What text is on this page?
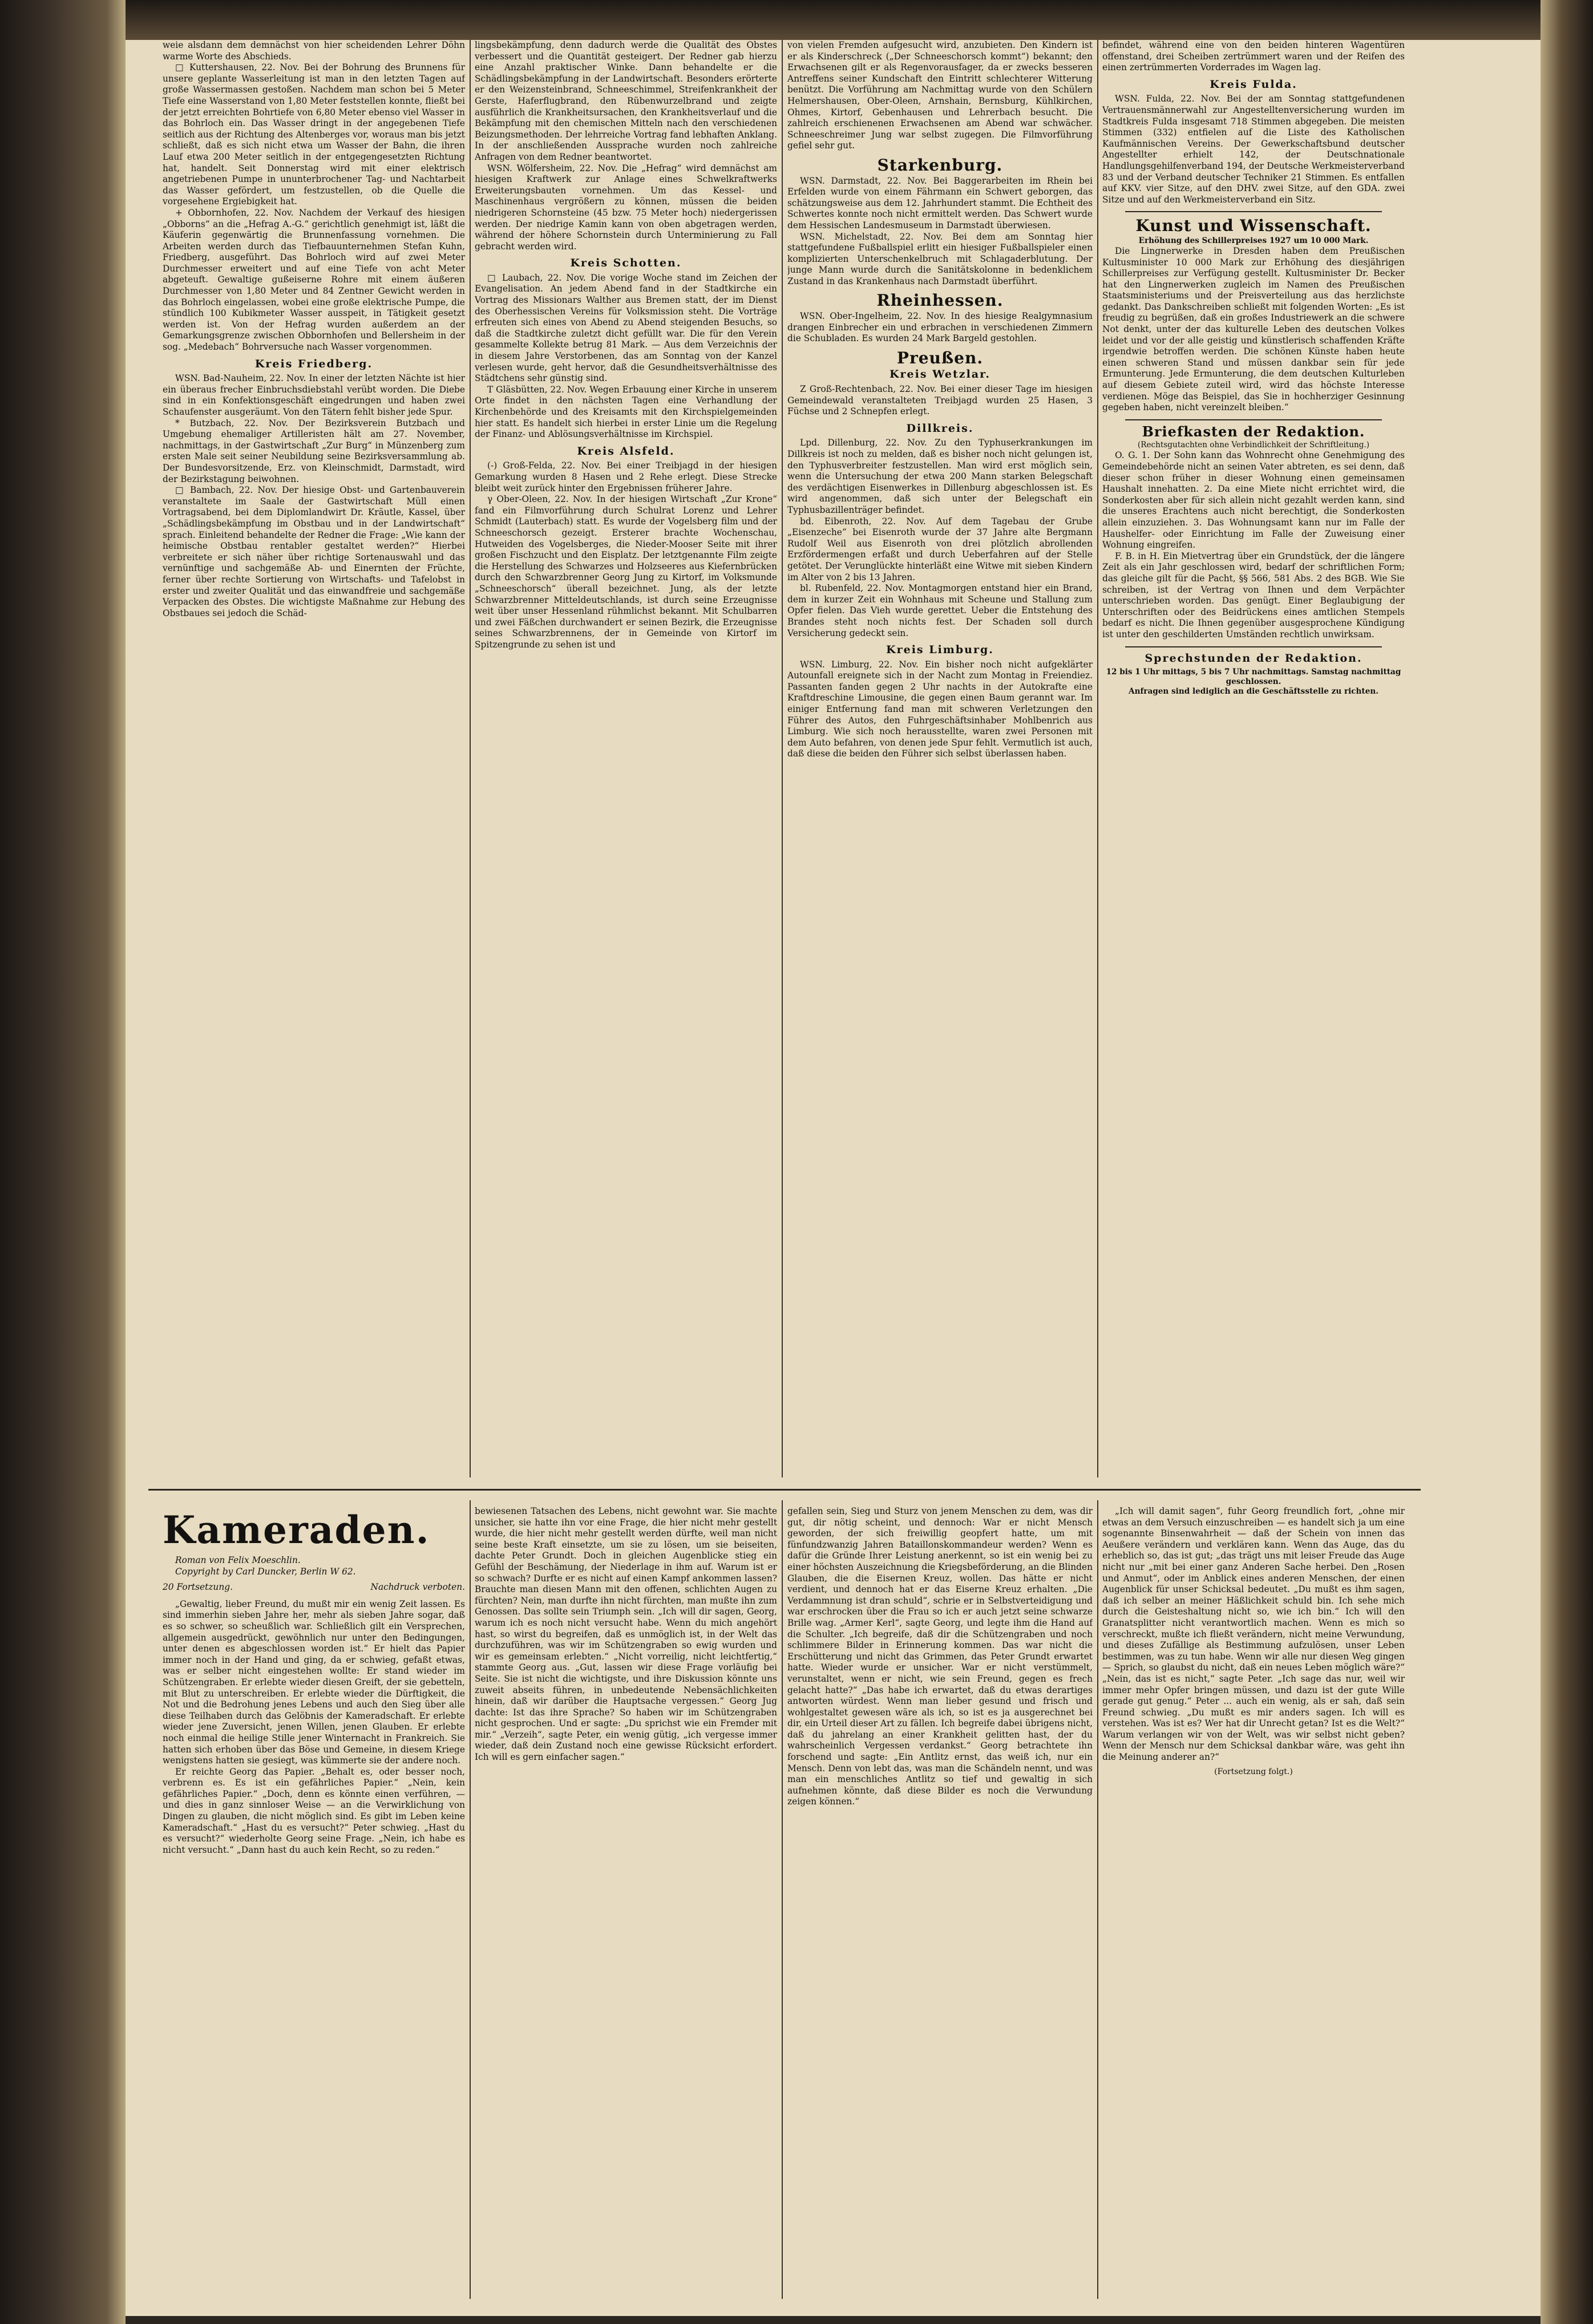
weie alsdann dem demnächst von hier scheidenden Lehrer Döhn warme Worte des Abschieds.

□ Kuttershausen, 22. Nov. Bei der Bohrung des Brunnens für unsere geplante Wasserleitung ist man in den letzten Tagen auf große Wassermassen gestoßen. Nachdem man schon bei 5 Meter Tiefe eine Wasserstand von 1,80 Meter feststellen konnte, fließt bei der jetzt erreichten Bohrtiefe von 6,80 Meter ebenso viel Wasser in das Bohrloch ein. Das Wasser dringt in der angegebenen Tiefe seitlich aus der Richtung des Altenberges vor, woraus man bis jetzt schließt, daß es sich nicht etwa um Wasser der Bahn, die ihren Lauf etwa 200 Meter seitlich in der entgegengesetzten Richtung hat, handelt. Seit Donnerstag wird mit einer elektrisch angetriebenen Pumpe in ununterbrochener Tag- und Nachtarbeit das Wasser gefördert, um festzustellen, ob die Quelle die vorgesehene Ergiebigkeit hat.

+ Obbornhofen, 22. Nov. Nachdem der Verkauf des hiesigen „Obborns“ an die „Hefrag A.-G.“ gerichtlich genehmigt ist, läßt die Käuferin gegenwärtig die Brunnenfassung vornehmen. Die Arbeiten werden durch das Tiefbauunternehmen Stefan Kuhn, Friedberg, ausgeführt. Das Bohrloch wird auf zwei Meter Durchmesser erweitert und auf eine Tiefe von acht Meter abgeteuft. Gewaltige gußeiserne Rohre mit einem äußeren Durchmesser von 1,80 Meter und 84 Zentner Gewicht werden in das Bohrloch eingelassen, wobei eine große elektrische Pumpe, die stündlich 100 Kubikmeter Wasser ausspeit, in Tätigkeit gesetzt werden ist. Von der Hefrag wurden außerdem an der Gemarkungsgrenze zwischen Obbornhofen und Bellersheim in der sog. „Medebach“ Bohrversuche nach Wasser vorgenommen.

Kreis Friedberg.

WSN. Bad-Nauheim, 22. Nov. In einer der letzten Nächte ist hier ein überaus frecher Einbruchsdiebstahl verübt worden. Die Diebe sind in ein Konfektionsgeschäft eingedrungen und haben zwei Schaufenster ausgeräumt. Von den Tätern fehlt bisher jede Spur.

* Butzbach, 22. Nov. Der Bezirksverein Butzbach und Umgebung ehemaliger Artilleristen hält am 27. November, nachmittags, in der Gastwirtschaft „Zur Burg“ in Münzenberg zum ersten Male seit seiner Neubildung seine Bezirksversammlung ab. Der Bundesvorsitzende, Erz. von Kleinschmidt, Darmstadt, wird der Bezirkstagung beiwohnen.

□ Bambach, 22. Nov. Der hiesige Obst- und Gartenbauverein veranstaltete im Saale der Gastwirtschaft Müll einen Vortragsabend, bei dem Diplomlandwirt Dr. Kräutle, Kassel, über „Schädlingsbekämpfung im Obstbau und in der Landwirtschaft“ sprach. Einleitend behandelte der Redner die Frage: „Wie kann der heimische Obstbau rentabler gestaltet werden?“ Hierbei verbreitete er sich näher über richtige Sortenauswahl und das vernünftige und sachgemäße Ab- und Einernten der Früchte, ferner über rechte Sortierung von Wirtschafts- und Tafelobst in erster und zweiter Qualität und das einwandfreie und sachgemäße Verpacken des Obstes. Die wichtigste Maßnahme zur Hebung des Obstbaues sei jedoch die Schäd-

lingsbekämpfung, denn dadurch werde die Qualität des Obstes verbessert und die Quantität gesteigert. Der Redner gab hierzu eine Anzahl praktischer Winke. Dann behandelte er die Schädlingsbekämpfung in der Landwirtschaft. Besonders erörterte er den Weizensteinbrand, Schneeschimmel, Streifenkrankheit der Gerste, Haferflugbrand, den Rübenwurzelbrand und zeigte ausführlich die Krankheitsursachen, den Krankheitsverlauf und die Bekämpfung mit den chemischen Mitteln nach den verschiedenen Beizungsmethoden. Der lehrreiche Vortrag fand lebhaften Anklang. In der anschließenden Aussprache wurden noch zahlreiche Anfragen von dem Redner beantwortet.

WSN. Wölfersheim, 22. Nov. Die „Hefrag“ wird demnächst am hiesigen Kraftwerk zur Anlage eines Schwelkraftwerks Erweiterungsbauten vornehmen. Um das Kessel- und Maschinenhaus vergrößern zu können, müssen die beiden niedrigeren Schornsteine (45 bzw. 75 Meter hoch) niedergerissen werden. Der niedrige Kamin kann von oben abgetragen werden, während der höhere Schornstein durch Unterminierung zu Fall gebracht werden wird.

Kreis Schotten.

□ Laubach, 22. Nov. Die vorige Woche stand im Zeichen der Evangelisation. An jedem Abend fand in der Stadtkirche ein Vortrag des Missionars Walther aus Bremen statt, der im Dienst des Oberhessischen Vereins für Volksmission steht. Die Vorträge erfreuten sich eines von Abend zu Abend steigenden Besuchs, so daß die Stadtkirche zuletzt dicht gefüllt war. Die für den Verein gesammelte Kollekte betrug 81 Mark. — Aus dem Verzeichnis der in diesem Jahre Verstorbenen, das am Sonntag von der Kanzel verlesen wurde, geht hervor, daß die Gesundheitsverhältnisse des Städtchens sehr günstig sind.

T Gläsbütten, 22. Nov. Wegen Erbauung einer Kirche in unserem Orte findet in den nächsten Tagen eine Verhandlung der Kirchenbehörde und des Kreisamts mit den Kirchspielgemeinden hier statt. Es handelt sich hierbei in erster Linie um die Regelung der Finanz- und Ablösungsverhältnisse im Kirchspiel.

Kreis Alsfeld.

(-) Groß-Felda, 22. Nov. Bei einer Treibjagd in der hiesigen Gemarkung wurden 8 Hasen und 2 Rehe erlegt. Diese Strecke bleibt weit zurück hinter den Ergebnissen früherer Jahre.

γ Ober-Oleen, 22. Nov. In der hiesigen Wirtschaft „Zur Krone“ fand ein Filmvorführung durch Schulrat Lorenz und Lehrer Schmidt (Lauterbach) statt. Es wurde der Vogelsberg film und der Schneeschorsch gezeigt. Ersterer brachte Wochenschau, Hutweiden des Vogelsberges, die Nieder-Mooser Seite mit ihrer großen Fischzucht und den Eisplatz. Der letztgenannte Film zeigte die Herstellung des Schwarzes und Holzseeres aus Kiefernbrücken durch den Schwarzbrenner Georg Jung zu Kirtorf, im Volksmunde „Schneeschorsch“ überall bezeichnet. Jung, als der letzte Schwarzbrenner Mitteldeutschlands, ist durch seine Erzeugnisse weit über unser Hessenland rühmlichst bekannt. Mit Schulbarren und zwei Fäßchen durchwandert er seinen Bezirk, die Erzeugnisse seines Schwarzbrennens, der in Gemeinde von Kirtorf im Spitzengrunde zu sehen ist und

von vielen Fremden aufgesucht wird, anzubieten. Den Kindern ist er als Kinderschreck („Der Schneeschorsch kommt“) bekannt; den Erwachsenen gilt er als Regenvorausfager, da er zwecks besseren Antreffens seiner Kundschaft den Eintritt schlechterer Witterung benützt. Die Vorführung am Nachmittag wurde von den Schülern Helmershausen, Ober-Oleen, Arnshain, Bernsburg, Kühlkirchen, Ohmes, Kirtorf, Gebenhausen und Lehrerbach besucht. Die zahlreich erschienenen Erwachsenen am Abend war schwächer. Schneeschreimer Jung war selbst zugegen. Die Filmvorführung gefiel sehr gut.

Starkenburg.

WSN. Darmstadt, 22. Nov. Bei Baggerarbeiten im Rhein bei Erfelden wurde von einem Fährmann ein Schwert geborgen, das schätzungsweise aus dem 12. Jahrhundert stammt. Die Echtheit des Schwertes konnte noch nicht ermittelt werden. Das Schwert wurde dem Hessischen Landesmuseum in Darmstadt überwiesen.

WSN. Michelstadt, 22. Nov. Bei dem am Sonntag hier stattgefundene Fußballspiel erlitt ein hiesiger Fußballspieler einen komplizierten Unterschenkelbruch mit Schlagaderblutung. Der junge Mann wurde durch die Sanitätskolonne in bedenklichem Zustand in das Krankenhaus nach Darmstadt überführt.

Rheinhessen.

WSN. Ober-Ingelheim, 22. Nov. In des hiesige Realgymnasium drangen Einbrecher ein und erbrachen in verschiedenen Zimmern die Schubladen. Es wurden 24 Mark Bargeld gestohlen.

Preußen.
Kreis Wetzlar.

Z Groß-Rechtenbach, 22. Nov. Bei einer dieser Tage im hiesigen Gemeindewald veranstalteten Treibjagd wurden 25 Hasen, 3 Füchse und 2 Schnepfen erlegt.

Dillkreis.

Lpd. Dillenburg, 22. Nov. Zu den Typhuserkrankungen im Dillkreis ist noch zu melden, daß es bisher noch nicht gelungen ist, den Typhusverbreiter festzustellen. Man wird erst möglich sein, wenn die Untersuchung der etwa 200 Mann starken Belegschaft des verdächtigen Eisenwerkes in Dillenburg abgeschlossen ist. Es wird angenommen, daß sich unter der Belegschaft ein Typhusbazillenträger befindet.

bd. Eibenroth, 22. Nov. Auf dem Tagebau der Grube „Eisenzeche“ bei Eisenroth wurde der 37 Jahre alte Bergmann Rudolf Weil aus Eisenroth von drei plötzlich abrollenden Erzfördermengen erfaßt und durch Ueberfahren auf der Stelle getötet. Der Verunglückte hinterläßt eine Witwe mit sieben Kindern im Alter von 2 bis 13 Jahren.

bl. Rubenfeld, 22. Nov. Montagmorgen entstand hier ein Brand, dem in kurzer Zeit ein Wohnhaus mit Scheune und Stallung zum Opfer fielen. Das Vieh wurde gerettet. Ueber die Entstehung des Brandes steht noch nichts fest. Der Schaden soll durch Versicherung gedeckt sein.

Kreis Limburg.

WSN. Limburg, 22. Nov. Ein bisher noch nicht aufgeklärter Autounfall ereignete sich in der Nacht zum Montag in Freiendiez. Passanten fanden gegen 2 Uhr nachts in der Autokrafte eine Kraftdreschine Limousine, die gegen einen Baum gerannt war. Im einiger Entfernung fand man mit schweren Verletzungen den Führer des Autos, den Fuhrgeschäftsinhaber Mohlbenrich aus Limburg. Wie sich noch herausstellte, waren zwei Personen mit dem Auto befahren, von denen jede Spur fehlt. Vermutlich ist auch, daß diese die beiden den Führer sich selbst überlassen haben.

befindet, während eine von den beiden hinteren Wagentüren offenstand, drei Scheiben zertrümmert waren und der Reifen des einen zertrümmerten Vorderrades im Wagen lag.

Kreis Fulda.

WSN. Fulda, 22. Nov. Bei der am Sonntag stattgefundenen Vertrauensmännerwahl zur Angestelltenversicherung wurden im Stadtkreis Fulda insgesamt 718 Stimmen abgegeben. Die meisten Stimmen (332) entfielen auf die Liste des Katholischen Kaufmännischen Vereins. Der Gewerkschaftsbund deutscher Angestellter erhielt 142, der Deutschnationale Handlungsgehilfenverband 194, der Deutsche Werkmeisterverband 83 und der Verband deutscher Techniker 21 Stimmen. Es entfallen auf KKV. vier Sitze, auf den DHV. zwei Sitze, auf den GDA. zwei Sitze und auf den Werkmeisterverband ein Sitz.

Kunst und Wissenschaft.
Erhöhung des Schillerpreises 1927 um 10 000 Mark.

Die Lingnerwerke in Dresden haben dem Preußischen Kultusminister 10 000 Mark zur Erhöhung des diesjährigen Schillerpreises zur Verfügung gestellt. Kultusminister Dr. Becker hat den Lingnerwerken zugleich im Namen des Preußischen Staatsministeriums und der Preisverteilung aus das herzlichste gedankt. Das Dankschreiben schließt mit folgenden Worten: „Es ist freudig zu begrüßen, daß ein großes Industriewerk an die schwere Not denkt, unter der das kulturelle Leben des deutschen Volkes leidet und vor der alle geistig und künstlerisch schaffenden Kräfte irgendwie betroffen werden. Die schönen Künste haben heute einen schweren Stand und müssen dankbar sein für jede Ermunterung. Jede Ermunterung, die dem deutschen Kulturleben auf diesem Gebiete zuteil wird, wird das höchste Interesse verdienen. Möge das Beispiel, das Sie in hochherziger Gesinnung gegeben haben, nicht vereinzelt bleiben.“

Briefkasten der Redaktion.
(Rechtsgutachten ohne Verbindlichkeit der Schriftleitung.)

O. G. 1. Der Sohn kann das Wohnrecht ohne Genehmigung des Gemeindebehörde nicht an seinen Vater abtreten, es sei denn, daß dieser schon früher in dieser Wohnung einen gemeinsamen Haushalt innehatten. 2. Da eine Miete nicht errichtet wird, die Sonderkosten aber für sich allein nicht gezahlt werden kann, sind die unseres Erachtens auch nicht berechtigt, die Sonderkosten allein einzuziehen. 3. Das Wohnungsamt kann nur im Falle der Haushelfer- oder Einrichtung im Falle der Zuweisung einer Wohnung eingreifen.

F. B. in H. Ein Mietvertrag über ein Grundstück, der die längere Zeit als ein Jahr geschlossen wird, bedarf der schriftlichen Form; das gleiche gilt für die Pacht, §§ 566, 581 Abs. 2 des BGB. Wie Sie schreiben, ist der Vertrag von Ihnen und dem Verpächter unterschrieben worden. Das genügt. Einer Beglaubigung der Unterschriften oder des Beidrückens eines amtlichen Stempels bedarf es nicht. Die Ihnen gegenüber ausgesprochene Kündigung ist unter den geschilderten Umständen rechtlich unwirksam.

Sprechstunden der Redaktion.
12 bis 1 Uhr mittags, 5 bis 7 Uhr nachmittags. Samstag nachmittag geschlossen.
Anfragen sind lediglich an die Geschäftsstelle zu richten.
Kameraden.

Roman von Felix Moeschlin.

Copyright by Carl Duncker, Berlin W 62.

20 Fortsetzung.	Nachdruck verboten.

„Gewaltig, lieber Freund, du mußt mir ein wenig Zeit lassen. Es sind immerhin sieben Jahre her, mehr als sieben Jahre sogar, daß es so schwer, so scheußlich war. Schließlich gilt ein Versprechen, allgemein ausgedrückt, gewöhnlich nur unter den Bedingungen, unter denen es abgeschlossen worden ist.“ Er hielt das Papier immer noch in der Hand und ging, da er schwieg, gefaßt etwas, was er selber nicht eingestehen wollte: Er stand wieder im Schützengraben. Er erlebte wieder diesen Greift, der sie gebetteln, mit Blut zu unterschreiben. Er erlebte wieder die Dürftigkeit, die Not und die Bedrohung jenes Lebens und auch den Sieg über alle diese Teilhaben durch das Gelöbnis der Kameradschaft. Er erlebte wieder jene Zuversicht, jenen Willen, jenen Glauben. Er erlebte noch einmal die heilige Stille jener Winternacht in Frankreich. Sie hatten sich erhoben über das Böse und Gemeine, in diesem Kriege wenigstens hatten sie gesiegt, was kümmerte sie der andere noch.

Er reichte Georg das Papier. „Behalt es, oder besser noch, verbrenn es. Es ist ein gefährliches Papier.“ „Nein, kein gefährliches Papier.“ „Doch, denn es könnte einen verführen, — und dies in ganz sinnloser Weise — an die Verwirklichung von Dingen zu glauben, die nicht möglich sind. Es gibt im Leben keine Kameradschaft.“ „Hast du es versucht?“ Peter schwieg. „Hast du es versucht?“ wiederholte Georg seine Frage. „Nein, ich habe es nicht versucht.“ „Dann hast du auch kein Recht, so zu reden.“

bewiesenen Tatsachen des Lebens, nicht gewohnt war. Sie machte unsicher, sie hatte ihn vor eine Frage, die hier nicht mehr gestellt wurde, die hier nicht mehr gestellt werden dürfte, weil man nicht seine beste Kraft einsetzte, um sie zu lösen, um sie beiseiten, dachte Peter Grundt. Doch in gleichen Augenblicke stieg ein Gefühl der Beschämung, der Niederlage in ihm auf. Warum ist er so schwach? Durfte er es nicht auf einen Kampf ankommen lassen? Brauchte man diesen Mann mit den offenen, schlichten Augen zu fürchten? Nein, man durfte ihn nicht fürchten, man mußte ihn zum Genossen. Das sollte sein Triumph sein. „Ich will dir sagen, Georg, warum ich es noch nicht versucht habe. Wenn du mich angehört hast, so wirst du begreifen, daß es unmöglich ist, in der Welt das durchzuführen, was wir im Schützengraben so ewig wurden und wir es gemeinsam erlebten.“ „Nicht vorreilig, nicht leichtfertig,“ stammte Georg aus. „Gut, lassen wir diese Frage vorläufig bei Seite. Sie ist nicht die wichtigste, und ihre Diskussion könnte uns zuweit abseits führen, in unbedeutende Nebensächlichkeiten hinein, daß wir darüber die Hauptsache vergessen.“ Georg Jug dachte: Ist das ihre Sprache? So haben wir im Schützengraben nicht gesprochen. Und er sagte: „Du sprichst wie ein Fremder mit mir.“ „Verzeih“, sagte Peter, ein wenig gütig, „ich vergesse immer wieder, daß dein Zustand noch eine gewisse Rücksicht erfordert. Ich will es gern einfacher sagen.“

gefallen sein, Sieg und Sturz von jenem Menschen zu dem, was dir gut, dir nötig scheint, und dennoch: War er nicht Mensch geworden, der sich freiwillig geopfert hatte, um mit fünfundzwanzig Jahren Bataillonskommandeur werden? Wenn es dafür die Gründe Ihrer Leistung anerkennt, so ist ein wenig bei zu einer höchsten Auszeichnung die Kriegsbeförderung, an die Blinden Glauben, die die Eisernen Kreuz, wollen. Das hätte er nicht verdient, und dennoch hat er das Eiserne Kreuz erhalten. „Die Verdammnung ist dran schuld“, schrie er in Selbstverteidigung und war erschrocken über die Frau so ich er auch jetzt seine schwarze Brille wag. „Armer Kerl“, sagte Georg, und legte ihm die Hand auf die Schulter. „Ich begreife, daß dir die Schützengraben und noch schlimmere Bilder in Erinnerung kommen. Das war nicht die Erschütterung und nicht das Grimmen, das Peter Grundt erwartet hatte. Wieder wurde er unsicher. War er nicht verstümmelt, verunstaltet, wenn er nicht, wie sein Freund, gegen es frech gelacht hatte?“ „Das habe ich erwartet, daß du etwas derartiges antworten würdest. Wenn man lieber gesund und frisch und wohlgestaltet gewesen wäre als ich, so ist es ja ausgerechnet bei dir, ein Urteil dieser Art zu fällen. Ich begreife dabei übrigens nicht, daß du jahrelang an einer Krankheit gelitten hast, der du wahrscheinlich Vergessen verdankst.“ Georg betrachtete ihn forschend und sagte: „Ein Antlitz ernst, das weiß ich, nur ein Mensch. Denn von lebt das, was man die Schändeln nennt, und was man ein menschliches Antlitz so tief und gewaltig in sich aufnehmen könnte, daß diese Bilder es noch die Verwundung zeigen können.“

„Ich will damit sagen“, fuhr Georg freundlich fort, „ohne mir etwas an dem Versuch einzuschreiben — es handelt sich ja um eine sogenannte Binsenwahrheit — daß der Schein von innen das Aeußere verändern und verklären kann. Wenn das Auge, das du erheblich so, das ist gut; „das trägt uns mit leiser Freude das Auge nicht nur „mit bei einer ganz Anderen Sache herbei. Den „Rosen und Anmut“, oder im Anblick eines anderen Menschen, der einen Augenblick für unser Schicksal bedeutet. „Du mußt es ihm sagen, daß ich selber an meiner Häßlichkeit schuld bin. Ich sehe mich durch die Geisteshaltung nicht so, wie ich bin.“ Ich will den Granatsplitter nicht verantwortlich machen. Wenn es mich so verschreckt, mußte ich fließt verändern, nicht meine Verwundung, und dieses Zufällige als Bestimmung aufzulösen, unser Leben bestimmen, was zu tun habe. Wenn wir alle nur diesen Weg gingen — Sprich, so glaubst du nicht, daß ein neues Leben möglich wäre?“ „Nein, das ist es nicht,“ sagte Peter. „Ich sage das nur, weil wir immer mehr Opfer bringen müssen, und dazu ist der gute Wille gerade gut genug.“ Peter ... auch ein wenig, als er sah, daß sein Freund schwieg. „Du mußt es mir anders sagen. Ich will es verstehen. Was ist es? Wer hat dir Unrecht getan? Ist es die Welt?“ Warum verlangen wir von der Welt, was wir selbst nicht geben? Wenn der Mensch nur dem Schicksal dankbar wäre, was geht ihn die Meinung anderer an?“

(Fortsetzung folgt.)
